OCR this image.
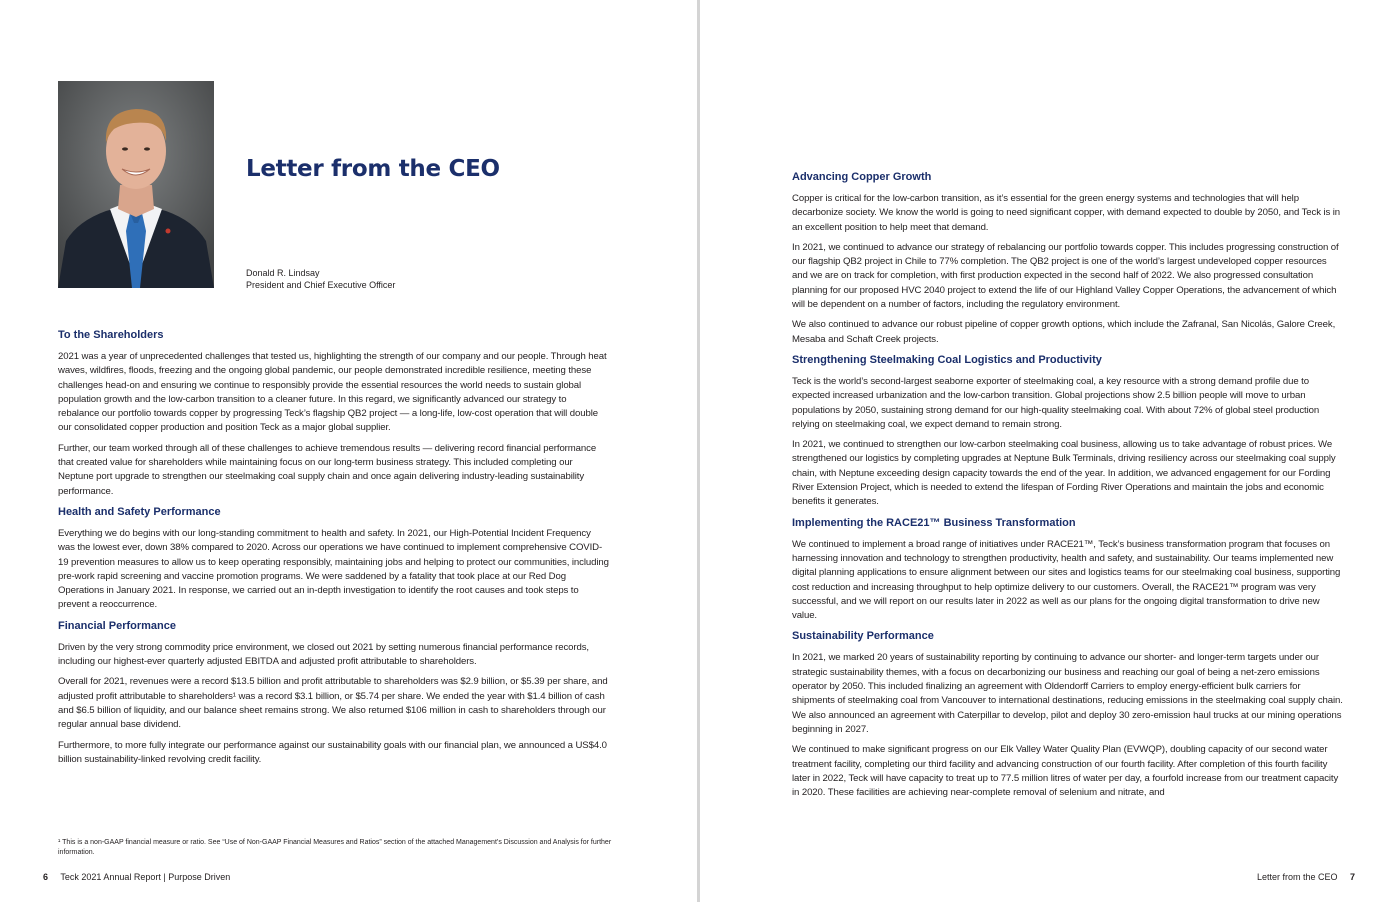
Letter from the CEO
Donald R. Lindsay
President and Chief Executive Officer
To the Shareholders

2021 was a year of unprecedented challenges that tested us, highlighting the strength of our company and our people. Through heat waves, wildfires, floods, freezing and the ongoing global pandemic, our people demonstrated incredible resilience, meeting these challenges head-on and ensuring we continue to responsibly provide the essential resources the world needs to sustain global population growth and the low-carbon transition to a cleaner future. In this regard, we significantly advanced our strategy to rebalance our portfolio towards copper by progressing Teck’s flagship QB2 project — a long-life, low-cost operation that will double our consolidated copper production and position Teck as a major global supplier.

Further, our team worked through all of these challenges to achieve tremendous results — delivering record financial performance that created value for shareholders while maintaining focus on our long-term business strategy. This included completing our Neptune port upgrade to strengthen our steelmaking coal supply chain and once again delivering industry-leading sustainability performance.

Health and Safety Performance

Everything we do begins with our long-standing commitment to health and safety. In 2021, our High-Potential Incident Frequency was the lowest ever, down 38% compared to 2020. Across our operations we have continued to implement comprehensive COVID-19 prevention measures to allow us to keep operating responsibly, maintaining jobs and helping to protect our communities, including pre-work rapid screening and vaccine promotion programs. We were saddened by a fatality that took place at our Red Dog Operations in January 2021. In response, we carried out an in-depth investigation to identify the root causes and took steps to prevent a reoccurrence.

Financial Performance

Driven by the very strong commodity price environment, we closed out 2021 by setting numerous financial performance records, including our highest-ever quarterly adjusted EBITDA and adjusted profit attributable to shareholders.

Overall for 2021, revenues were a record $13.5 billion and profit attributable to shareholders was $2.9 billion, or $5.39 per share, and adjusted profit attributable to shareholders¹ was a record $3.1 billion, or $5.74 per share. We ended the year with $1.4 billion of cash and $6.5 billion of liquidity, and our balance sheet remains strong. We also returned $106 million in cash to shareholders through our regular annual base dividend.

Furthermore, to more fully integrate our performance against our sustainability goals with our financial plan, we announced a US$4.0 billion sustainability-linked revolving credit facility.

¹ This is a non-GAAP financial measure or ratio. See “Use of Non-GAAP Financial Measures and Ratios” section of the attached Management’s Discussion and Analysis for further information.
6 Teck 2021 Annual Report | Purpose Driven
Advancing Copper Growth

Copper is critical for the low-carbon transition, as it’s essential for the green energy systems and technologies that will help decarbonize society. We know the world is going to need significant copper, with demand expected to double by 2050, and Teck is in an excellent position to help meet that demand.

In 2021, we continued to advance our strategy of rebalancing our portfolio towards copper. This includes progressing construction of our flagship QB2 project in Chile to 77% completion. The QB2 project is one of the world’s largest undeveloped copper resources and we are on track for completion, with first production expected in the second half of 2022. We also progressed consultation planning for our proposed HVC 2040 project to extend the life of our Highland Valley Copper Operations, the advancement of which will be dependent on a number of factors, including the regulatory environment.

We also continued to advance our robust pipeline of copper growth options, which include the Zafranal, San Nicolás, Galore Creek, Mesaba and Schaft Creek projects.

Strengthening Steelmaking Coal Logistics and Productivity

Teck is the world’s second-largest seaborne exporter of steelmaking coal, a key resource with a strong demand profile due to expected increased urbanization and the low-carbon transition. Global projections show 2.5 billion people will move to urban populations by 2050, sustaining strong demand for our high-quality steelmaking coal. With about 72% of global steel production relying on steelmaking coal, we expect demand to remain strong.

In 2021, we continued to strengthen our low-carbon steelmaking coal business, allowing us to take advantage of robust prices. We strengthened our logistics by completing upgrades at Neptune Bulk Terminals, driving resiliency across our steelmaking coal supply chain, with Neptune exceeding design capacity towards the end of the year. In addition, we advanced engagement for our Fording River Extension Project, which is needed to extend the lifespan of Fording River Operations and maintain the jobs and economic benefits it generates.

Implementing the RACE21™ Business Transformation

We continued to implement a broad range of initiatives under RACE21™, Teck’s business transformation program that focuses on harnessing innovation and technology to strengthen productivity, health and safety, and sustainability. Our teams implemented new digital planning applications to ensure alignment between our sites and logistics teams for our steelmaking coal business, supporting cost reduction and increasing throughput to help optimize delivery to our customers. Overall, the RACE21™ program was very successful, and we will report on our results later in 2022 as well as our plans for the ongoing digital transformation to drive new value.

Sustainability Performance

In 2021, we marked 20 years of sustainability reporting by continuing to advance our shorter- and longer-term targets under our strategic sustainability themes, with a focus on decarbonizing our business and reaching our goal of being a net-zero emissions operator by 2050. This included finalizing an agreement with Oldendorff Carriers to employ energy-efficient bulk carriers for shipments of steelmaking coal from Vancouver to international destinations, reducing emissions in the steelmaking coal supply chain. We also announced an agreement with Caterpillar to develop, pilot and deploy 30 zero-emission haul trucks at our mining operations beginning in 2027.

We continued to make significant progress on our Elk Valley Water Quality Plan (EVWQP), doubling capacity of our second water treatment facility, completing our third facility and advancing construction of our fourth facility. After completion of this fourth facility later in 2022, Teck will have capacity to treat up to 77.5 million litres of water per day, a fourfold increase from our treatment capacity in 2020. These facilities are achieving near-complete removal of selenium and nitrate, and

Letter from the CEO 7
